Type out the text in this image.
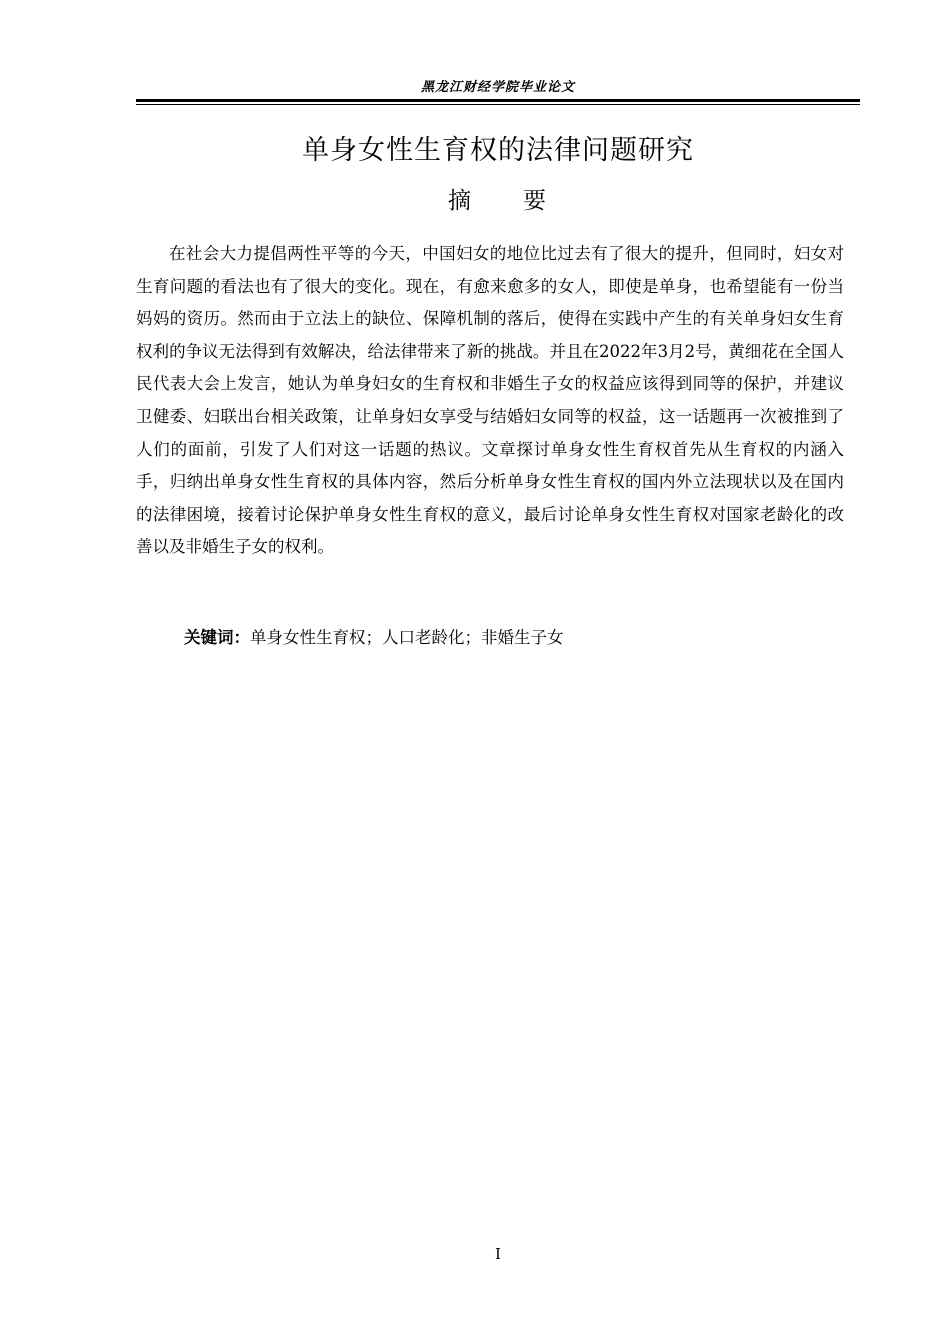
黑龙江财经学院毕业论文
单身女性生育权的法律问题研究
摘　　要

在社会大力提倡两性平等的今天，中国妇女的地位比过去有了很大的提升，但同时，妇女对生育问题的看法也有了很大的变化。现在，有愈来愈多的女人，即使是单身，也希望能有一份当妈妈的资历。然而由于立法上的缺位、保障机制的落后，使得在实践中产生的有关单身妇女生育权利的争议无法得到有效解决，给法律带来了新的挑战。并且在2022年3月2号，黄细花在全国人民代表大会上发言，她认为单身妇女的生育权和非婚生子女的权益应该得到同等的保护，并建议卫健委、妇联出台相关政策，让单身妇女享受与结婚妇女同等的权益，这一话题再一次被推到了人们的面前，引发了人们对这一话题的热议。文章探讨单身女性生育权首先从生育权的内涵入手，归纳出单身女性生育权的具体内容，然后分析单身女性生育权的国内外立法现状以及在国内的法律困境，接着讨论保护单身女性生育权的意义，最后讨论单身女性生育权对国家老龄化的改善以及非婚生子女的权利。

关键词：单身女性生育权；人口老龄化；非婚生子女
I
